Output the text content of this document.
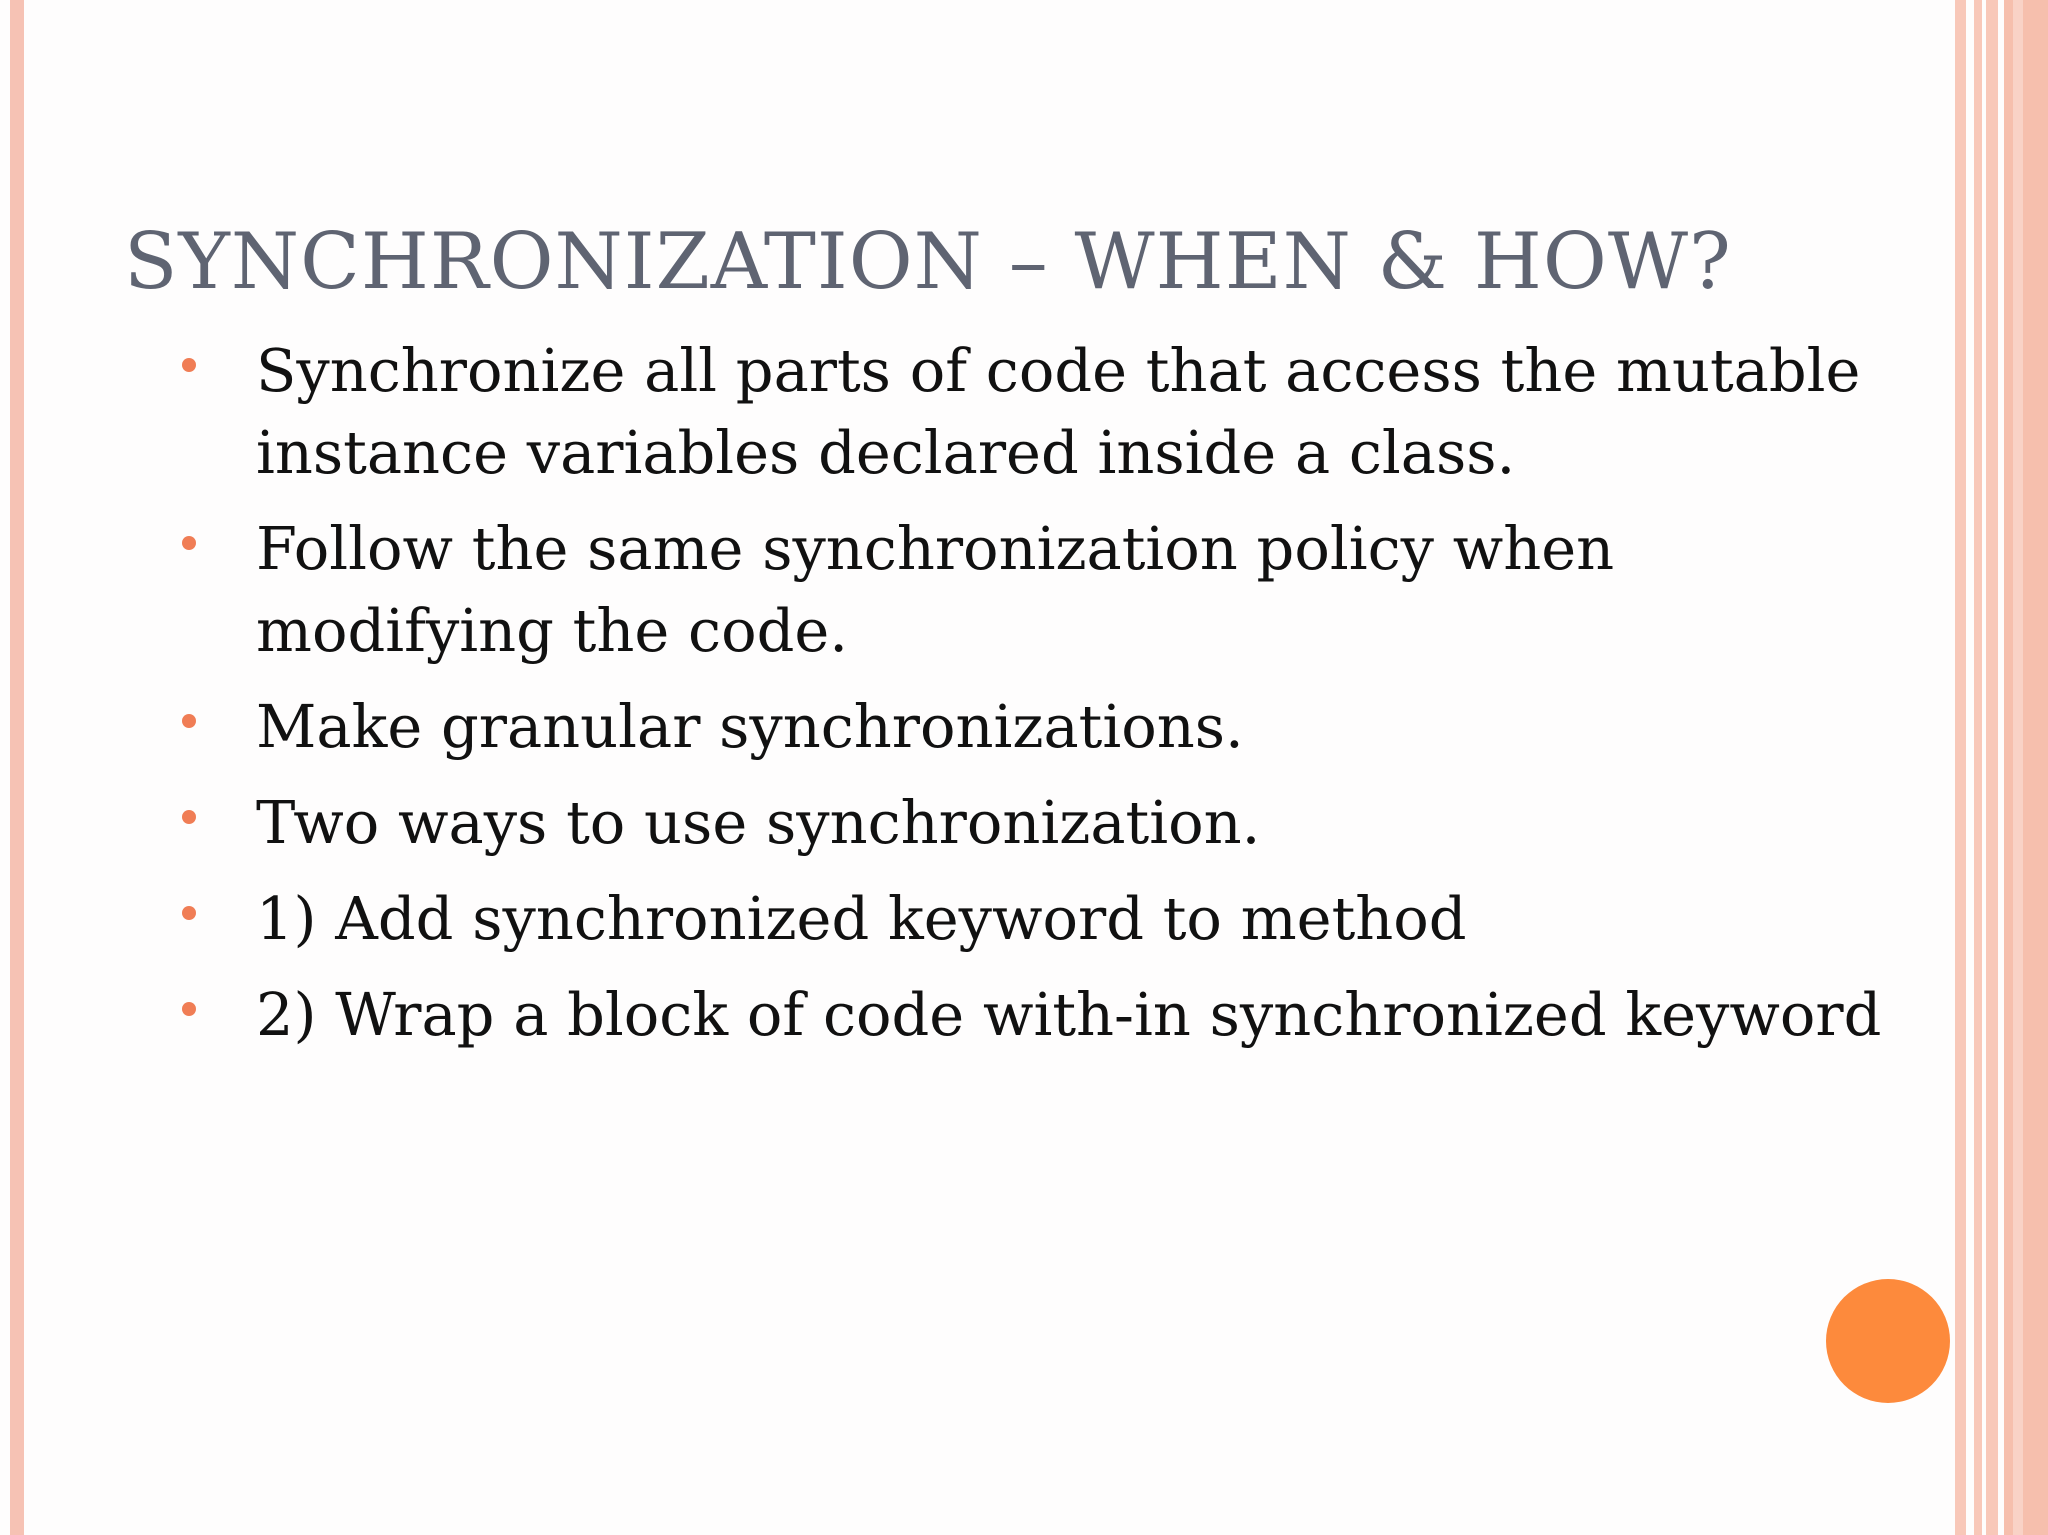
SYNCHRONIZATION – WHEN & HOW?
Synchronize all parts of code that access the mutable instance variables declared inside a class.
Follow the same synchronization policy when modifying the code.
Make granular synchronizations.
Two ways to use synchronization.
1) Add synchronized keyword to method
2) Wrap a block of code with-in synchronized keyword
